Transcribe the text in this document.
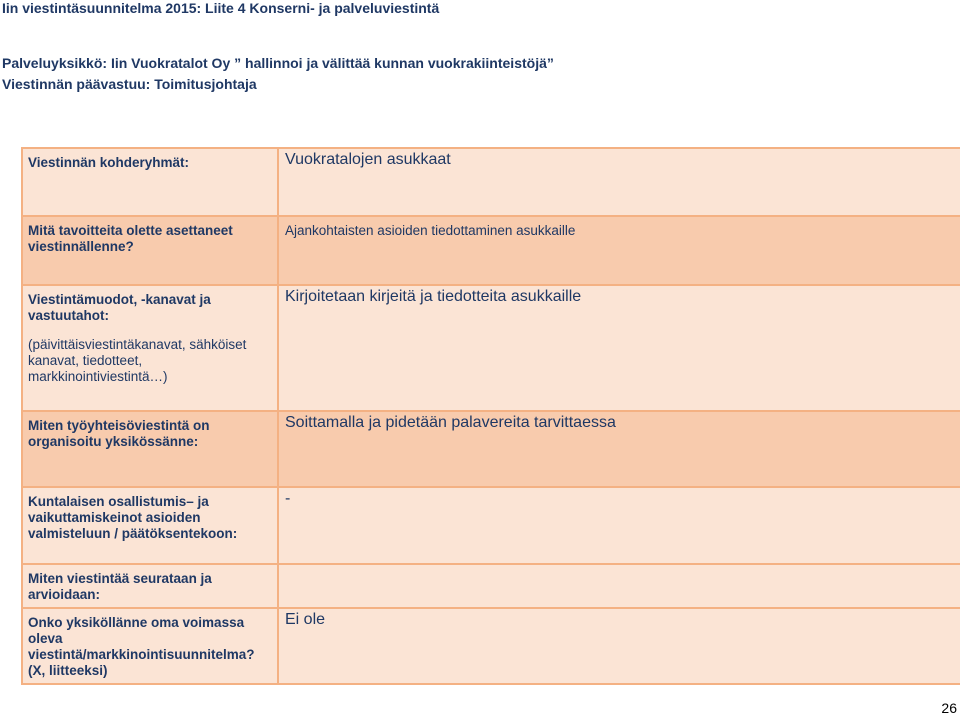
Iin viestintäsuunnitelma 2015: Liite 4 Konserni- ja palveluviestintä
Palveluyksikkö: Iin Vuokratalot Oy ” hallinnoi ja välittää kunnan vuokrakiinteistöjä”
Viestinnän päävastuu: Toimitusjohtaja
Viestinnän kohderyhmät:	Vuokratalojen asukkaat
Mitä tavoitteita olette asettaneet viestinnällenne?	Ajankohtaisten asioiden tiedottaminen asukkaille
Viestintämuodot, -kanavat ja vastuutahot:
(päivittäisviestintäkanavat, sähköiset kanavat, tiedotteet, markkinointiviestintä…)	Kirjoitetaan kirjeitä ja tiedotteita asukkaille
Miten työyhteisöviestintä on organisoitu yksikössänne:	Soittamalla ja pidetään palavereita tarvittaessa
Kuntalaisen osallistumis– ja vaikuttamiskeinot asioiden valmisteluun / päätöksentekoon:	-
Miten viestintää seurataan ja arvioidaan:	
Onko yksiköllänne oma voimassa oleva viestintä/markkinointisuunnitelma? (X, liitteeksi)	Ei ole
26
